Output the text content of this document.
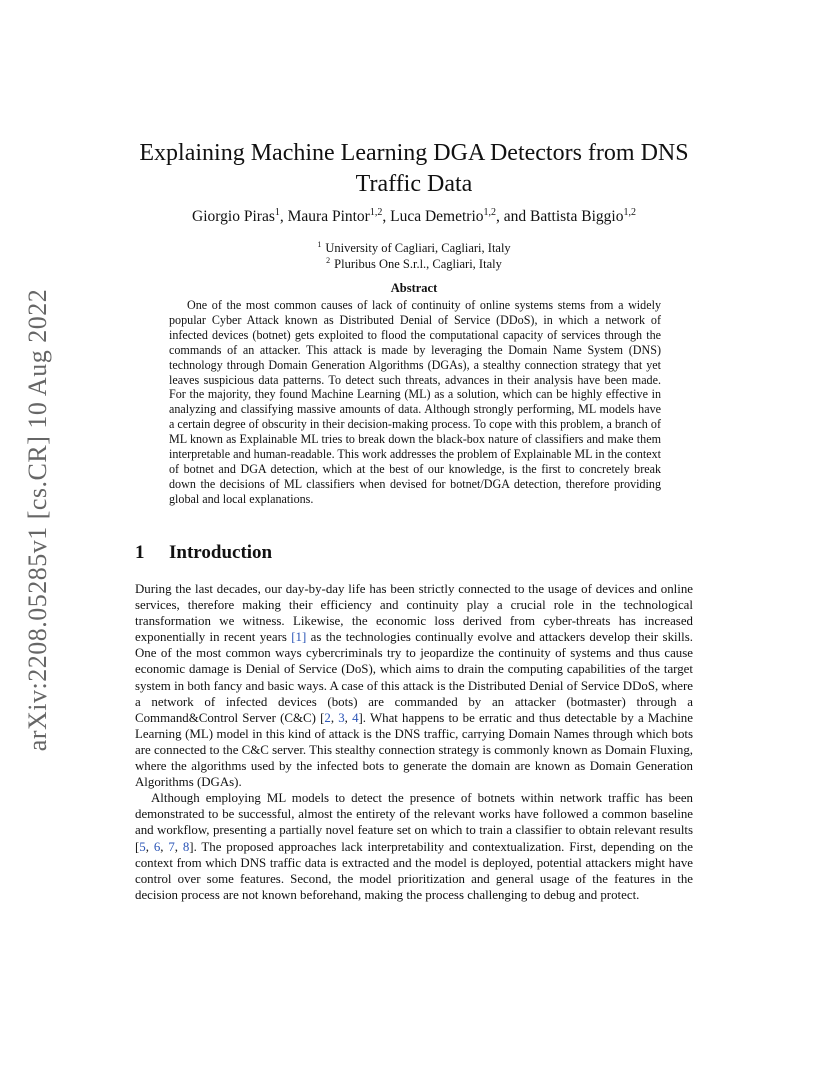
arXiv:2208.05285v1 [cs.CR] 10 Aug 2022
Explaining Machine Learning DGA Detectors from DNS Traffic Data

Giorgio Piras$^1$, Maura Pintor$^{1,2}$, Luca Demetrio$^{1,2}$, and Battista Biggio$^{1,2}$

$^1$ University of Cagliari, Cagliari, Italy

$^2$ Pluribus One S.r.l., Cagliari, Italy

Abstract

One of the most common causes of lack of continuity of online systems stems from a widely popular Cyber Attack known as Distributed Denial of Service (DDoS), in which a network of infected devices (botnet) gets exploited to flood the computational capacity of services through the commands of an attacker. This attack is made by leveraging the Domain Name System (DNS) technology through Domain Generation Algorithms (DGAs), a stealthy connection strategy that yet leaves suspicious data patterns. To detect such threats, advances in their analysis have been made. For the majority, they found Machine Learning (ML) as a solution, which can be highly effective in analyzing and classifying massive amounts of data. Although strongly performing, ML models have a certain degree of obscurity in their decision-making process. To cope with this problem, a branch of ML known as Explainable ML tries to break down the black-box nature of classifiers and make them interpretable and human-readable. This work addresses the problem of Explainable ML in the context of botnet and DGA detection, which at the best of our knowledge, is the first to concretely break down the decisions of ML classifiers when devised for botnet/DGA detection, therefore providing global and local explanations.

1 Introduction

During the last decades, our day-by-day life has been strictly connected to the usage of devices and online services, therefore making their efficiency and continuity play a crucial role in the technological transformation we witness. Likewise, the economic loss derived from cyber-threats has increased exponentially in recent years [1] as the technologies continually evolve and attackers develop their skills. One of the most common ways cybercriminals try to jeopardize the continuity of systems and thus cause economic damage is Denial of Service (DoS), which aims to drain the computing capabilities of the target system in both fancy and basic ways. A case of this attack is the Distributed Denial of Service DDoS, where a network of infected devices (bots) are commanded by an attacker (botmaster) through a Command&Control Server (C&C) [2, 3, 4]. What happens to be erratic and thus detectable by a Machine Learning (ML) model in this kind of attack is the DNS traffic, carrying Domain Names through which bots are connected to the C&C server. This stealthy connection strategy is commonly known as Domain Fluxing, where the algorithms used by the infected bots to generate the domain are known as Domain Generation Algorithms (DGAs).

Although employing ML models to detect the presence of botnets within network traffic has been demonstrated to be successful, almost the entirety of the relevant works have followed a common baseline and workflow, presenting a partially novel feature set on which to train a classifier to obtain relevant results [5, 6, 7, 8]. The proposed approaches lack interpretability and contextualization. First, depending on the context from which DNS traffic data is extracted and the model is deployed, potential attackers might have control over some features. Second, the model prioritization and general usage of the features in the decision process are not known beforehand, making the process challenging to debug and protect.
